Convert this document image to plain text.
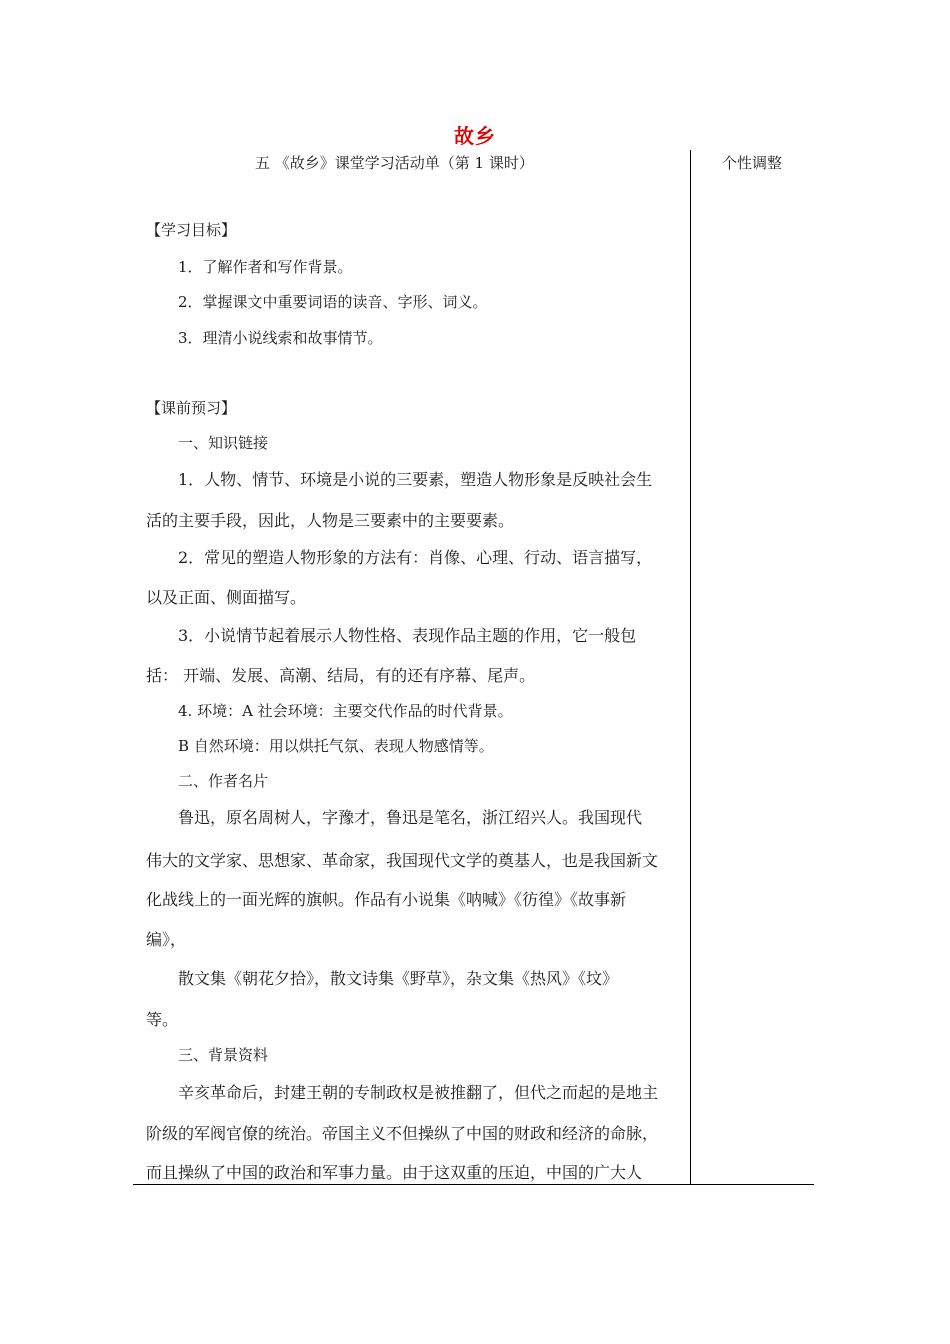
故乡
五 《故乡》课堂学习活动单（第 1 课时）	个性调整
【学习目标】
1．了解作者和写作背景。
2．掌握课文中重要词语的读音、字形、词义。
3．理清小说线索和故事情节。
【课前预习】
一、知识链接
1．人物、情节、环境是小说的三要素，塑造人物形象是反映社会生
活的主要手段，因此，人物是三要素中的主要要素。
2．常见的塑造人物形象的方法有：肖像、心理、行动、语言描写，
以及正面、侧面描写。
3．小说情节起着展示人物性格、表现作品主题的作用，它一般包
括： 开端、发展、高潮、结局，有的还有序幕、尾声。
4. 环境：A 社会环境：主要交代作品的时代背景。
B 自然环境：用以烘托气氛、表现人物感情等。
二、作者名片
鲁迅，原名周树人，字豫才，鲁迅是笔名，浙江绍兴人。我国现代
伟大的文学家、思想家、革命家，我国现代文学的奠基人，也是我国新文
化战线上的一面光辉的旗帜。作品有小说集《呐喊》《彷徨》《故事新
编》，
散文集《朝花夕拾》，散文诗集《野草》，杂文集《热风》《坟》
等。
三、背景资料
辛亥革命后，封建王朝的专制政权是被推翻了，但代之而起的是地主
阶级的军阀官僚的统治。帝国主义不但操纵了中国的财政和经济的命脉，
而且操纵了中国的政治和军事力量。由于这双重的压迫，中国的广大人
